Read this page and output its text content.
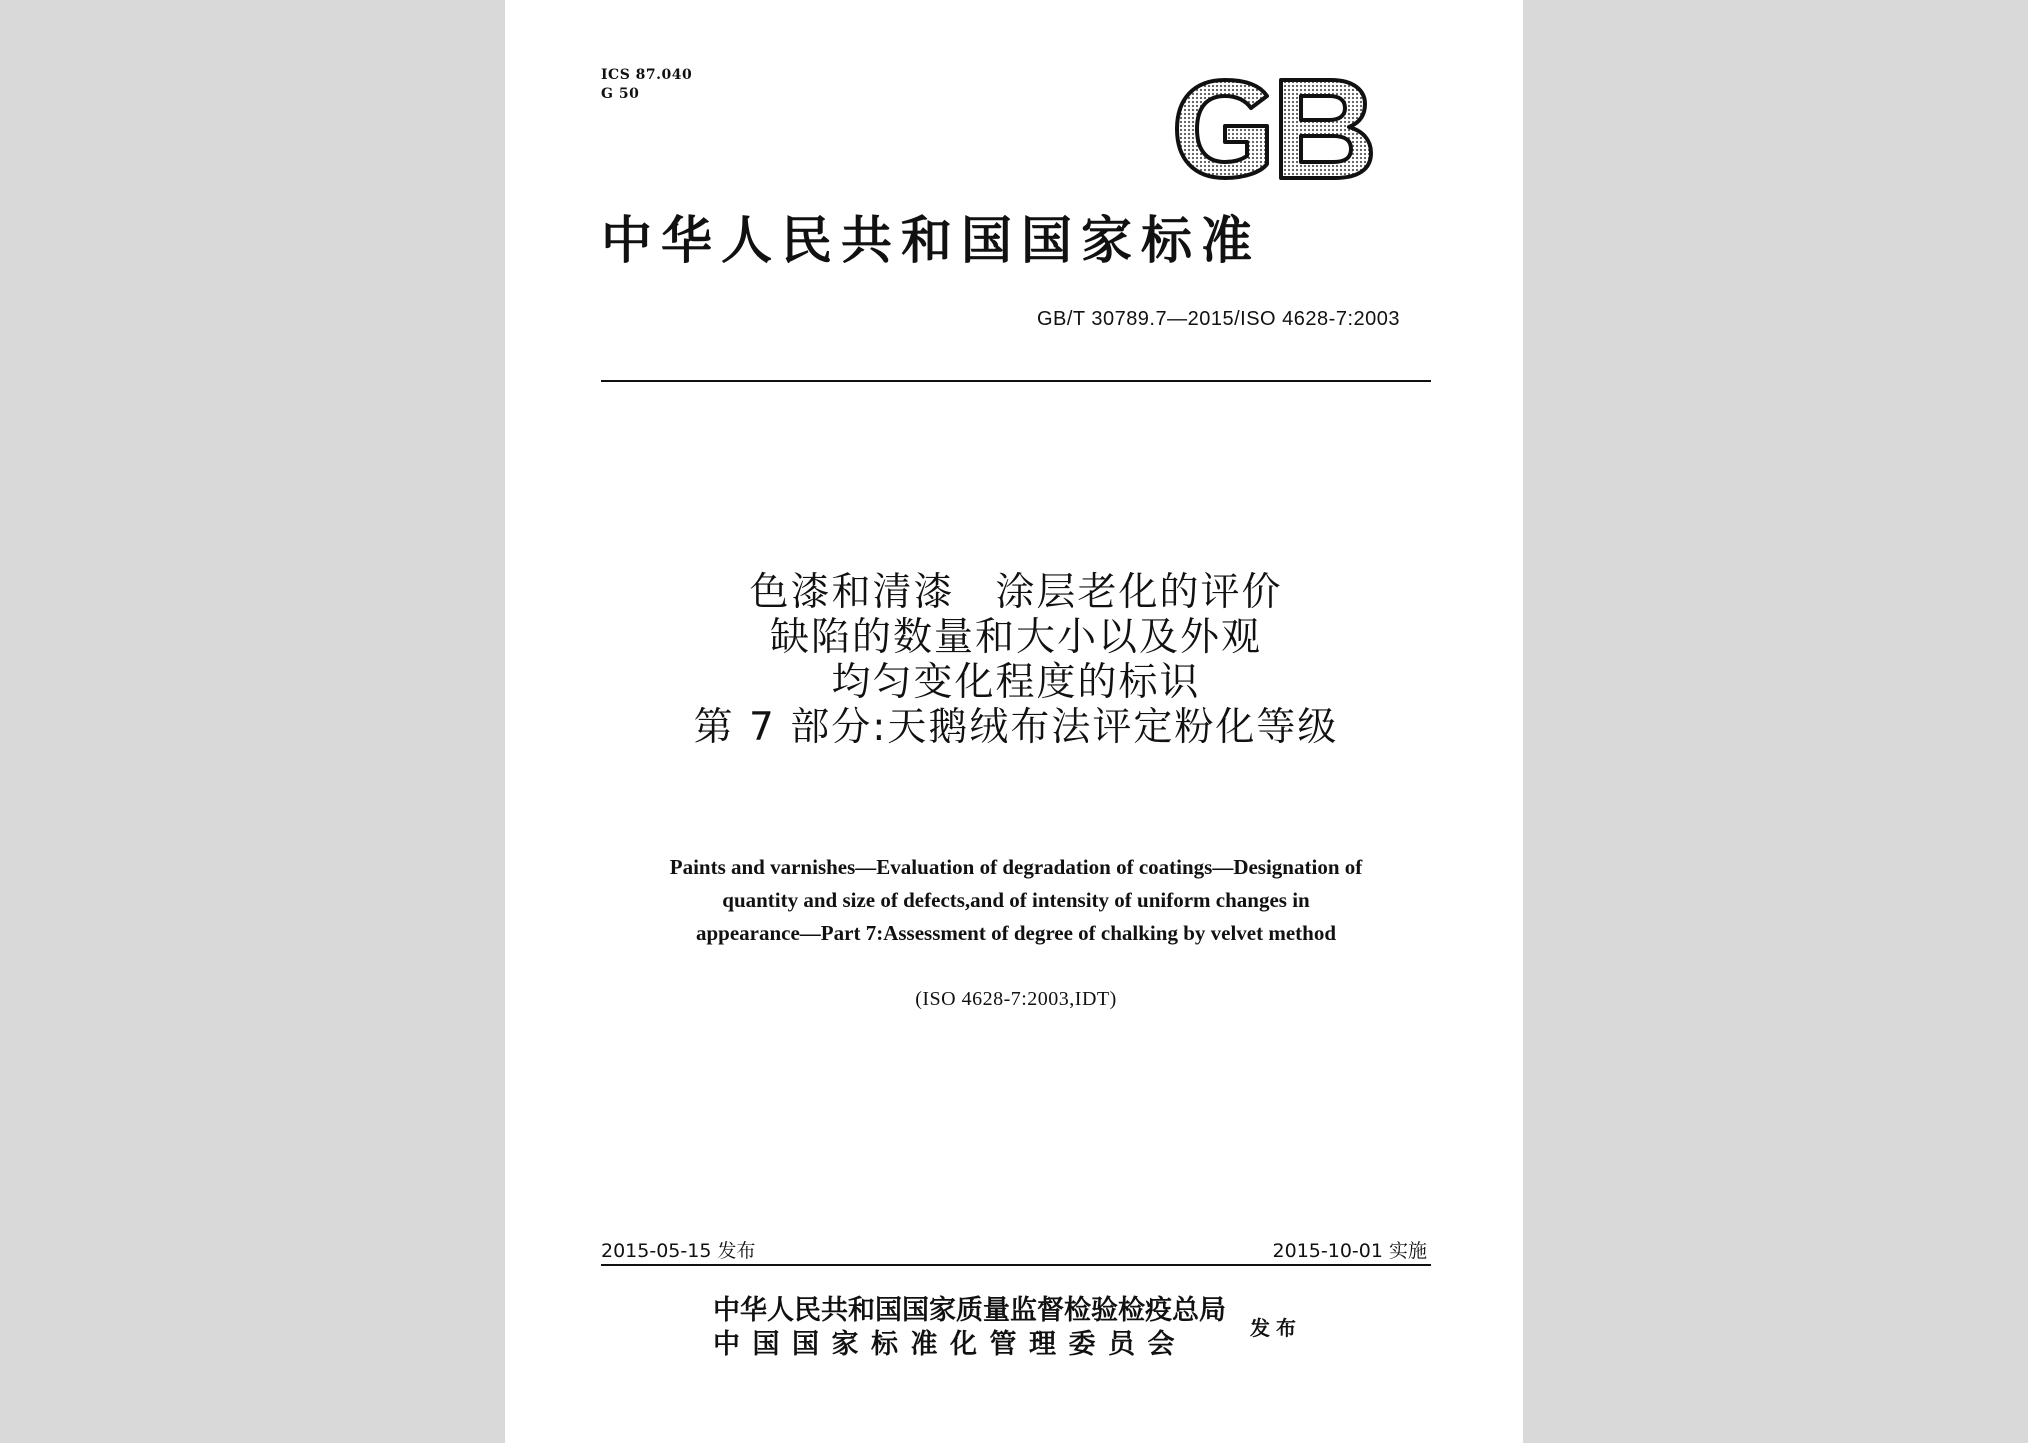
ICS 87.040
G 50
GB
中华人民共和国国家标准
GB/T 30789.7—2015/ISO 4628-7:2003
色漆和清漆　涂层老化的评价
缺陷的数量和大小以及外观
均匀变化程度的标识
第 7 部分:天鹅绒布法评定粉化等级
Paints and varnishes—Evaluation of degradation of coatings—Designation of
quantity and size of defects,and of intensity of uniform changes in
appearance—Part 7:Assessment of degree of chalking by velvet method
(ISO 4628-7:2003,IDT)
2015-05-15 发布	2015-10-01 实施
中华人民共和国国家质量监督检验检疫总局
中国国家标准化管理委员会
发布
